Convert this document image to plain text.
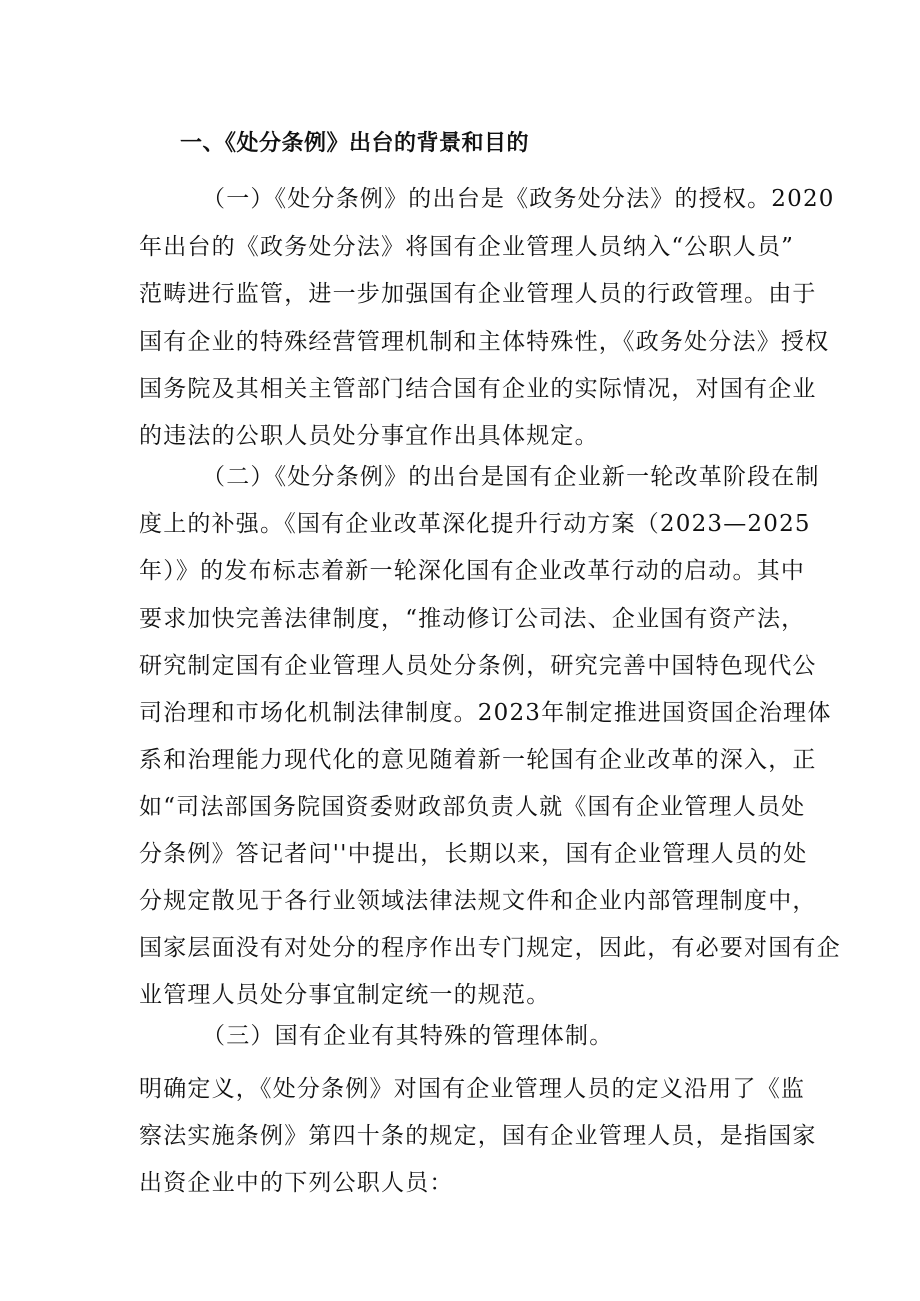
一、《处分条例》出台的背景和目的
（一）《处分条例》的出台是《政务处分法》的授权。2020
年出台的《政务处分法》将国有企业管理人员纳入“公职人员”
范畴进行监管，进一步加强国有企业管理人员的行政管理。由于
国有企业的特殊经营管理机制和主体特殊性，《政务处分法》授权
国务院及其相关主管部门结合国有企业的实际情况，对国有企业
的违法的公职人员处分事宜作出具体规定。
（二）《处分条例》的出台是国有企业新一轮改革阶段在制
度上的补强。《国有企业改革深化提升行动方案（2023—2025
年）》的发布标志着新一轮深化国有企业改革行动的启动。其中
要求加快完善法律制度，“推动修订公司法、企业国有资产法，
研究制定国有企业管理人员处分条例，研究完善中国特色现代公
司治理和市场化机制法律制度。2023年制定推进国资国企治理体
系和治理能力现代化的意见随着新一轮国有企业改革的深入，正
如“司法部国务院国资委财政部负责人就《国有企业管理人员处
分条例》答记者问''中提出，长期以来，国有企业管理人员的处
分规定散见于各行业领域法律法规文件和企业内部管理制度中，
国家层面没有对处分的程序作出专门规定，因此，有必要对国有企
业管理人员处分事宜制定统一的规范。
（三）国有企业有其特殊的管理体制。
明确定义，《处分条例》对国有企业管理人员的定义沿用了《监
察法实施条例》第四十条的规定，国有企业管理人员，是指国家
出资企业中的下列公职人员：
